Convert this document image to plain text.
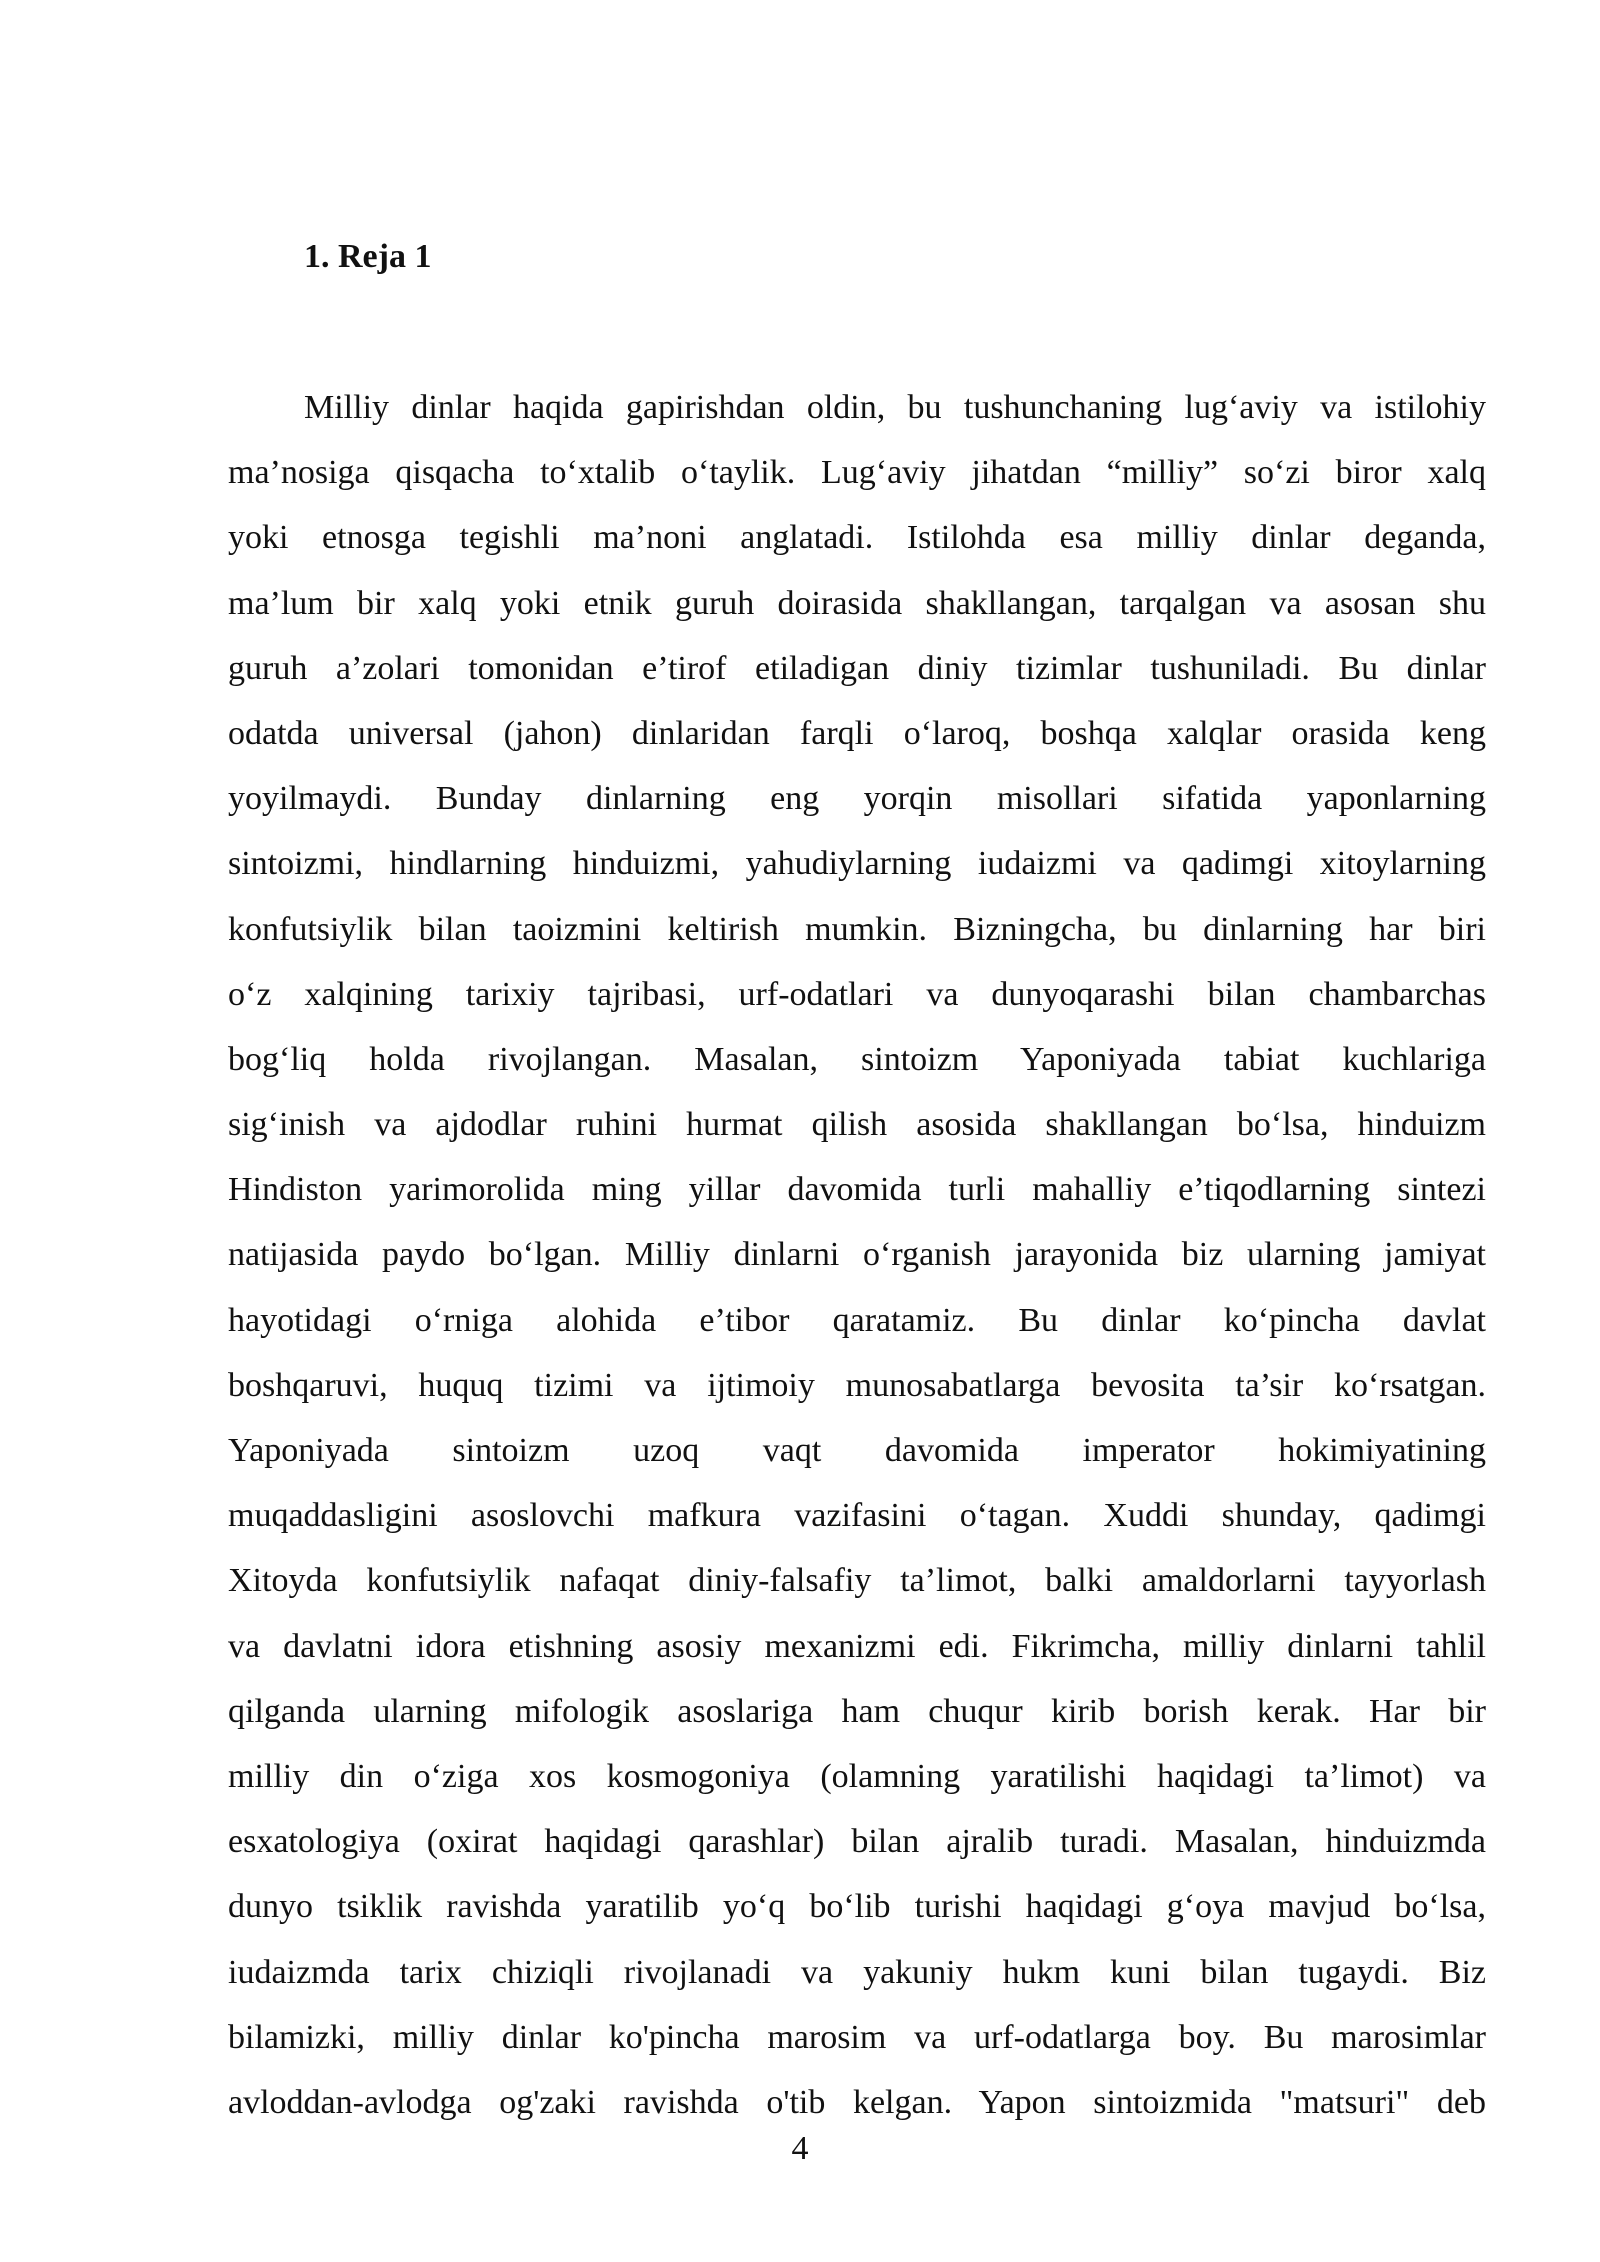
1. Reja 1
Milliy dinlar haqida gapirishdan oldin, bu tushunchaning lug‘aviy va istilohiy
ma’nosiga qisqacha to‘xtalib o‘taylik. Lug‘aviy jihatdan “milliy” so‘zi biror xalq
yoki etnosga tegishli ma’noni anglatadi. Istilohda esa milliy dinlar deganda,
ma’lum bir xalq yoki etnik guruh doirasida shakllangan, tarqalgan va asosan shu
guruh a’zolari tomonidan e’tirof etiladigan diniy tizimlar tushuniladi. Bu dinlar
odatda universal (jahon) dinlaridan farqli o‘laroq, boshqa xalqlar orasida keng
yoyilmaydi. Bunday dinlarning eng yorqin misollari sifatida yaponlarning
sintoizmi, hindlarning hinduizmi, yahudiylarning iudaizmi va qadimgi xitoylarning
konfutsiylik bilan taoizmini keltirish mumkin. Bizningcha, bu dinlarning har biri
o‘z xalqining tarixiy tajribasi, urf-odatlari va dunyoqarashi bilan chambarchas
bog‘liq holda rivojlangan. Masalan, sintoizm Yaponiyada tabiat kuchlariga
sig‘inish va ajdodlar ruhini hurmat qilish asosida shakllangan bo‘lsa, hinduizm
Hindiston yarimorolida ming yillar davomida turli mahalliy e’tiqodlarning sintezi
natijasida paydo bo‘lgan. Milliy dinlarni o‘rganish jarayonida biz ularning jamiyat
hayotidagi o‘rniga alohida e’tibor qaratamiz. Bu dinlar ko‘pincha davlat
boshqaruvi, huquq tizimi va ijtimoiy munosabatlarga bevosita ta’sir ko‘rsatgan.
Yaponiyada sintoizm uzoq vaqt davomida imperator hokimiyatining
muqaddasligini asoslovchi mafkura vazifasini o‘tagan. Xuddi shunday, qadimgi
Xitoyda konfutsiylik nafaqat diniy-falsafiy ta’limot, balki amaldorlarni tayyorlash
va davlatni idora etishning asosiy mexanizmi edi. Fikrimcha, milliy dinlarni tahlil
qilganda ularning mifologik asoslariga ham chuqur kirib borish kerak. Har bir
milliy din o‘ziga xos kosmogoniya (olamning yaratilishi haqidagi ta’limot) va
esxatologiya (oxirat haqidagi qarashlar) bilan ajralib turadi. Masalan, hinduizmda
dunyo tsiklik ravishda yaratilib yo‘q bo‘lib turishi haqidagi g‘oya mavjud bo‘lsa,
iudaizmda tarix chiziqli rivojlanadi va yakuniy hukm kuni bilan tugaydi. Biz
bilamizki, milliy dinlar ko'pincha marosim va urf-odatlarga boy. Bu marosimlar
avloddan-avlodga og'zaki ravishda o'tib kelgan. Yapon sintoizmida "matsuri" deb
4
